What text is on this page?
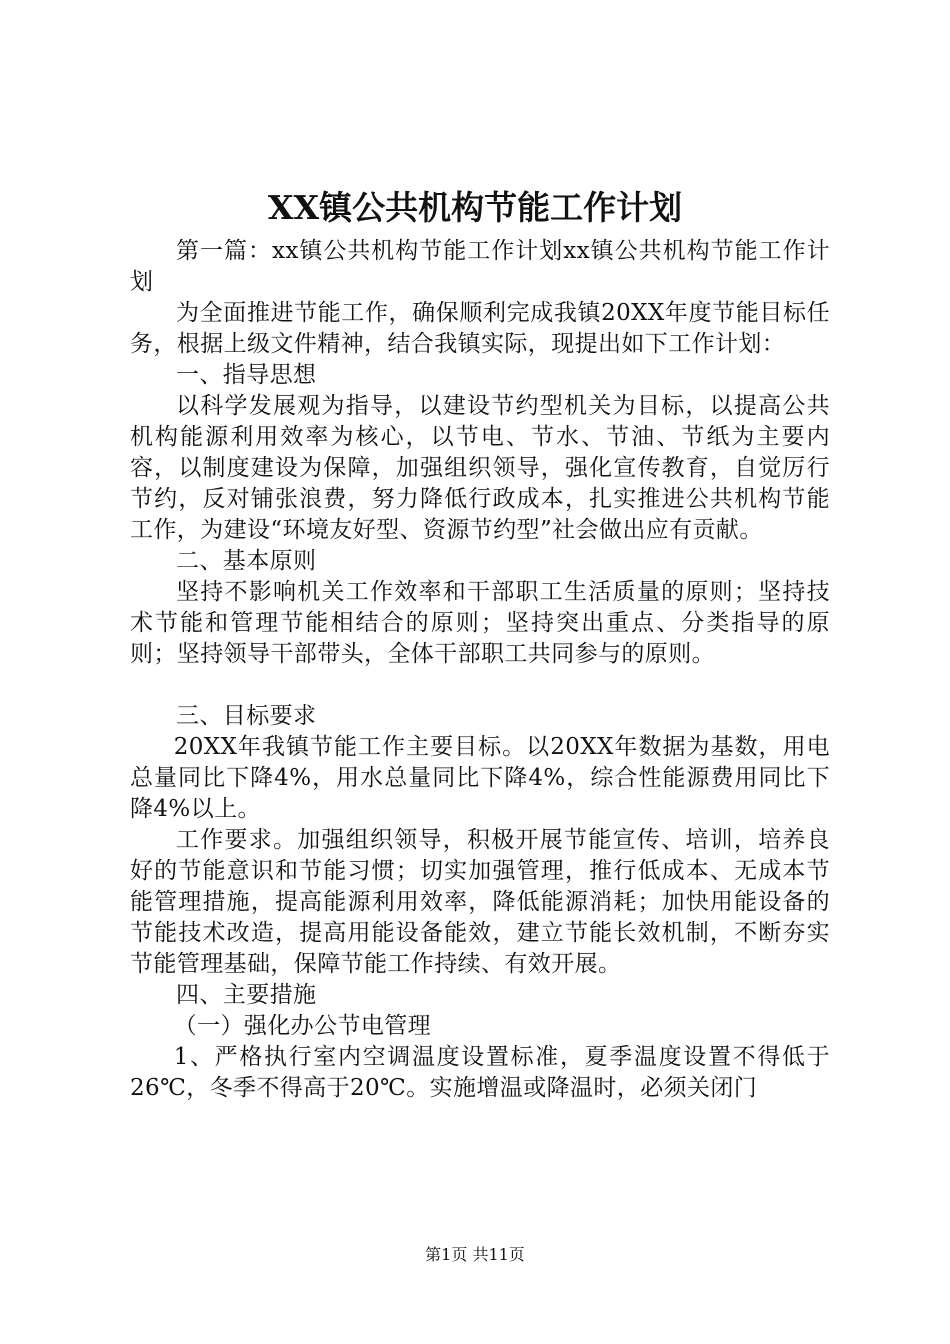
XX镇公共机构节能工作计划

第一篇：xx镇公共机构节能工作计划xx镇公共机构节能工作计划

为全面推进节能工作，确保顺利完成我镇20XX年度节能目标任务，根据上级文件精神，结合我镇实际，现提出如下工作计划：

一、指导思想

以科学发展观为指导，以建设节约型机关为目标，以提高公共机构能源利用效率为核心，以节电、节水、节油、节纸为主要内容，以制度建设为保障，加强组织领导，强化宣传教育，自觉厉行节约，反对铺张浪费，努力降低行政成本，扎实推进公共机构节能工作，为建设“环境友好型、资源节约型”社会做出应有贡献。

二、基本原则

坚持不影响机关工作效率和干部职工生活质量的原则；坚持技术节能和管理节能相结合的原则；坚持突出重点、分类指导的原则；坚持领导干部带头，全体干部职工共同参与的原则。

三、目标要求

20XX年我镇节能工作主要目标。以20XX年数据为基数，用电总量同比下降4%，用水总量同比下降4%，综合性能源费用同比下降4%以上。

工作要求。加强组织领导，积极开展节能宣传、培训，培养良好的节能意识和节能习惯；切实加强管理，推行低成本、无成本节能管理措施，提高能源利用效率，降低能源消耗；加快用能设备的节能技术改造，提高用能设备能效，建立节能长效机制，不断夯实节能管理基础，保障节能工作持续、有效开展。

四、主要措施

（一）强化办公节电管理

1、严格执行室内空调温度设置标准，夏季温度设置不得低于26℃，冬季不得高于20℃。实施增温或降温时，必须关闭门

第1页 共11页
